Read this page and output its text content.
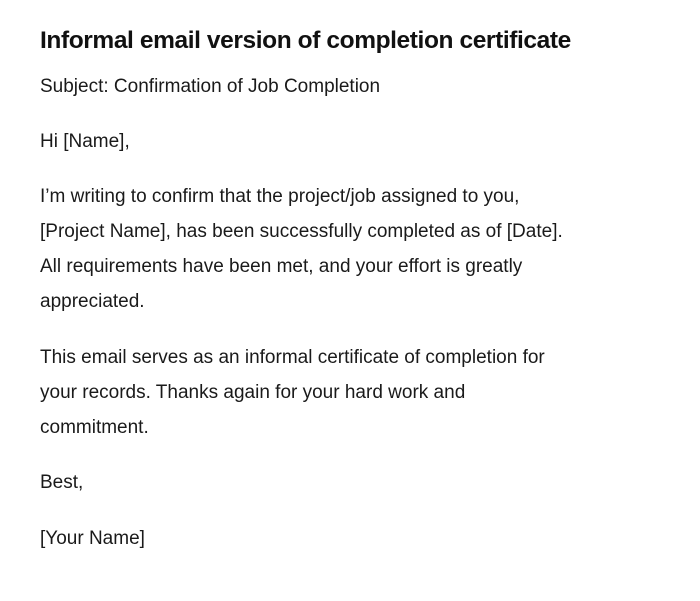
Informal email version of completion certificate

Subject: Confirmation of Job Completion

Hi [Name],

I’m writing to confirm that the project/job assigned to you,
[Project Name], has been successfully completed as of [Date].
All requirements have been met, and your effort is greatly
appreciated.

This email serves as an informal certificate of completion for
your records. Thanks again for your hard work and
commitment.

Best,

[Your Name]
